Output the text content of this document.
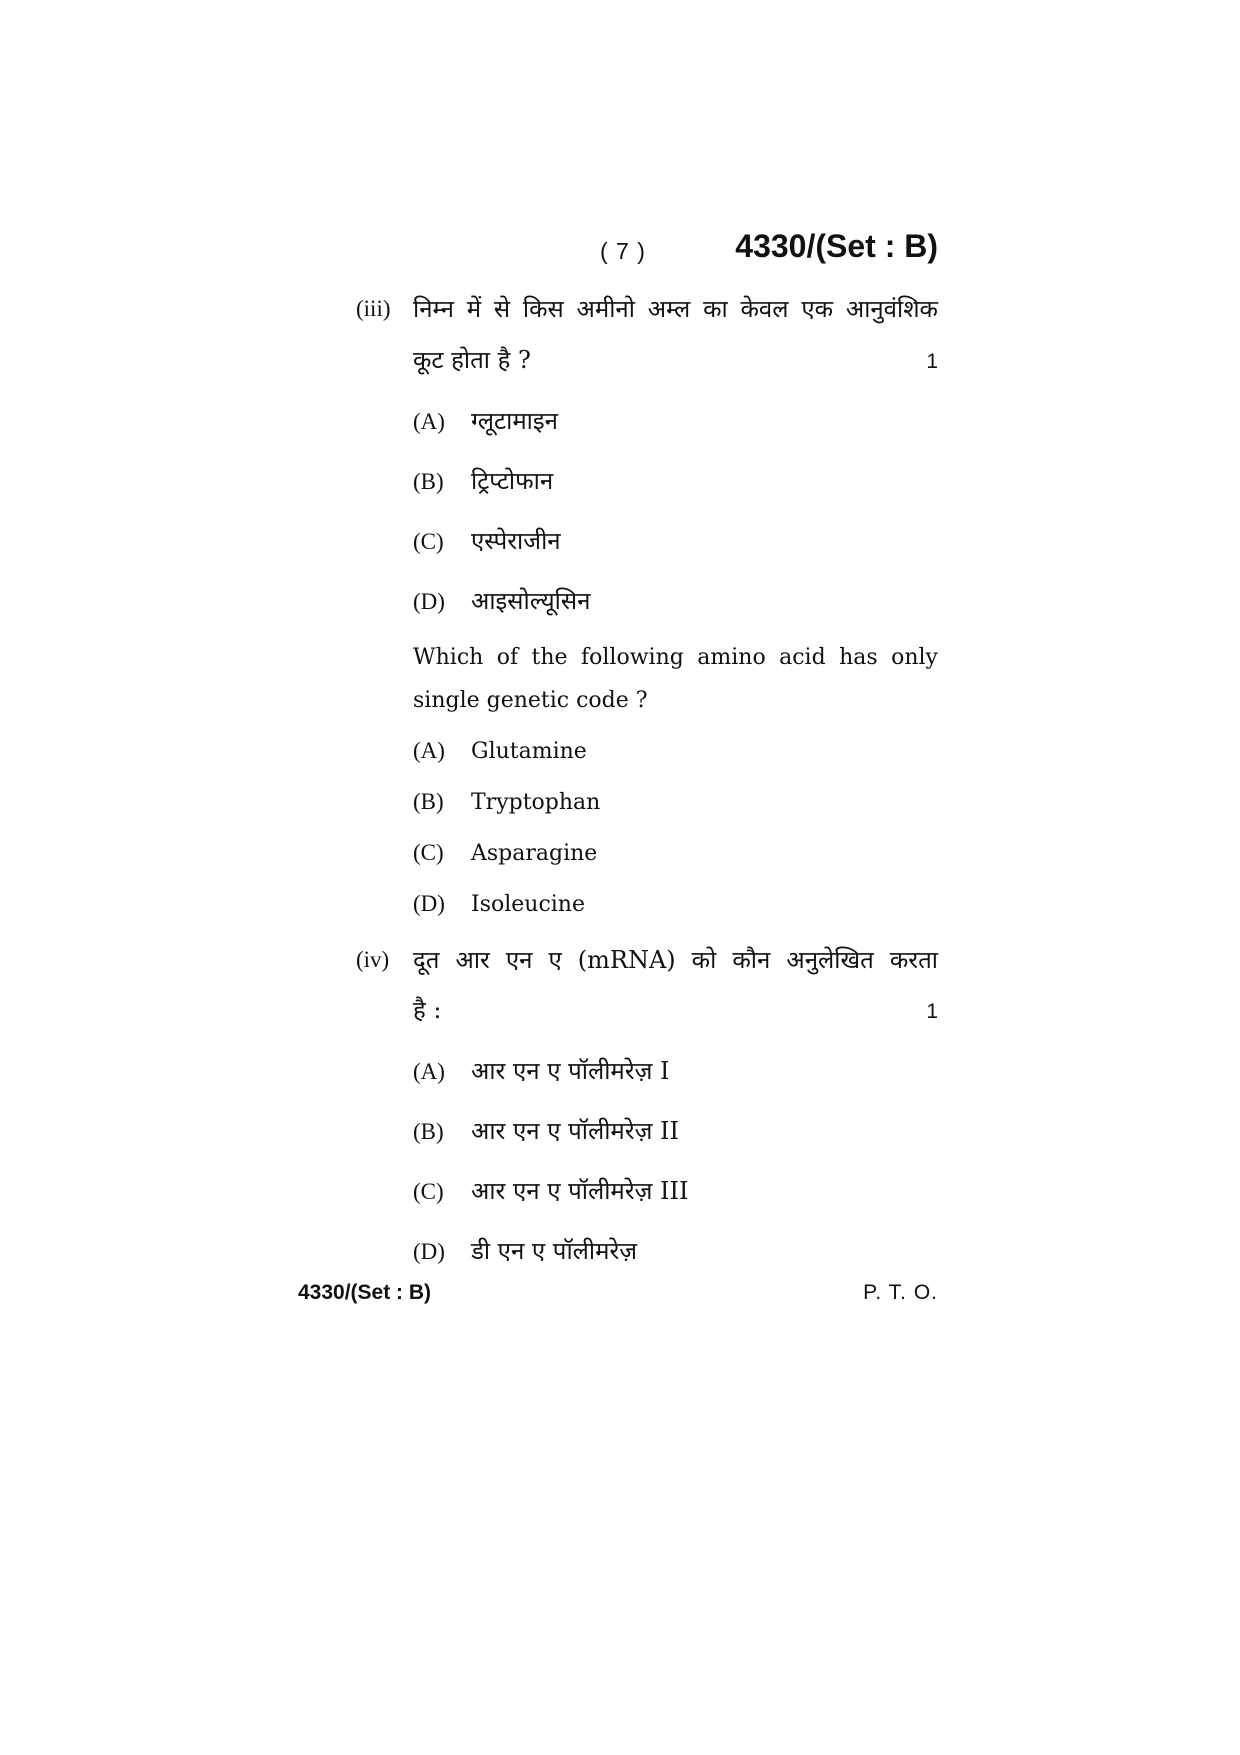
( 7 )	4330/(Set : B)
(iii) निम्न में से किस अमीनो अम्ल का केवल एक आनुवंशिक
कूट होता है ?	1
(A) ग्लूटामाइन
(B) ट्रिप्टोफान
(C) एस्पेराजीन
(D) आइसोल्यूसिन
Which of the following amino acid has only
single genetic code ?
(A) Glutamine
(B) Tryptophan
(C) Asparagine
(D) Isoleucine
(iv) दूत आर एन ए (mRNA) को कौन अनुलेखित करता
है :	1
(A) आर एन ए पॉलीमरेज़ I
(B) आर एन ए पॉलीमरेज़ II
(C) आर एन ए पॉलीमरेज़ III
(D) डी एन ए पॉलीमरेज़
4330/(Set : B)	P. T. O.
